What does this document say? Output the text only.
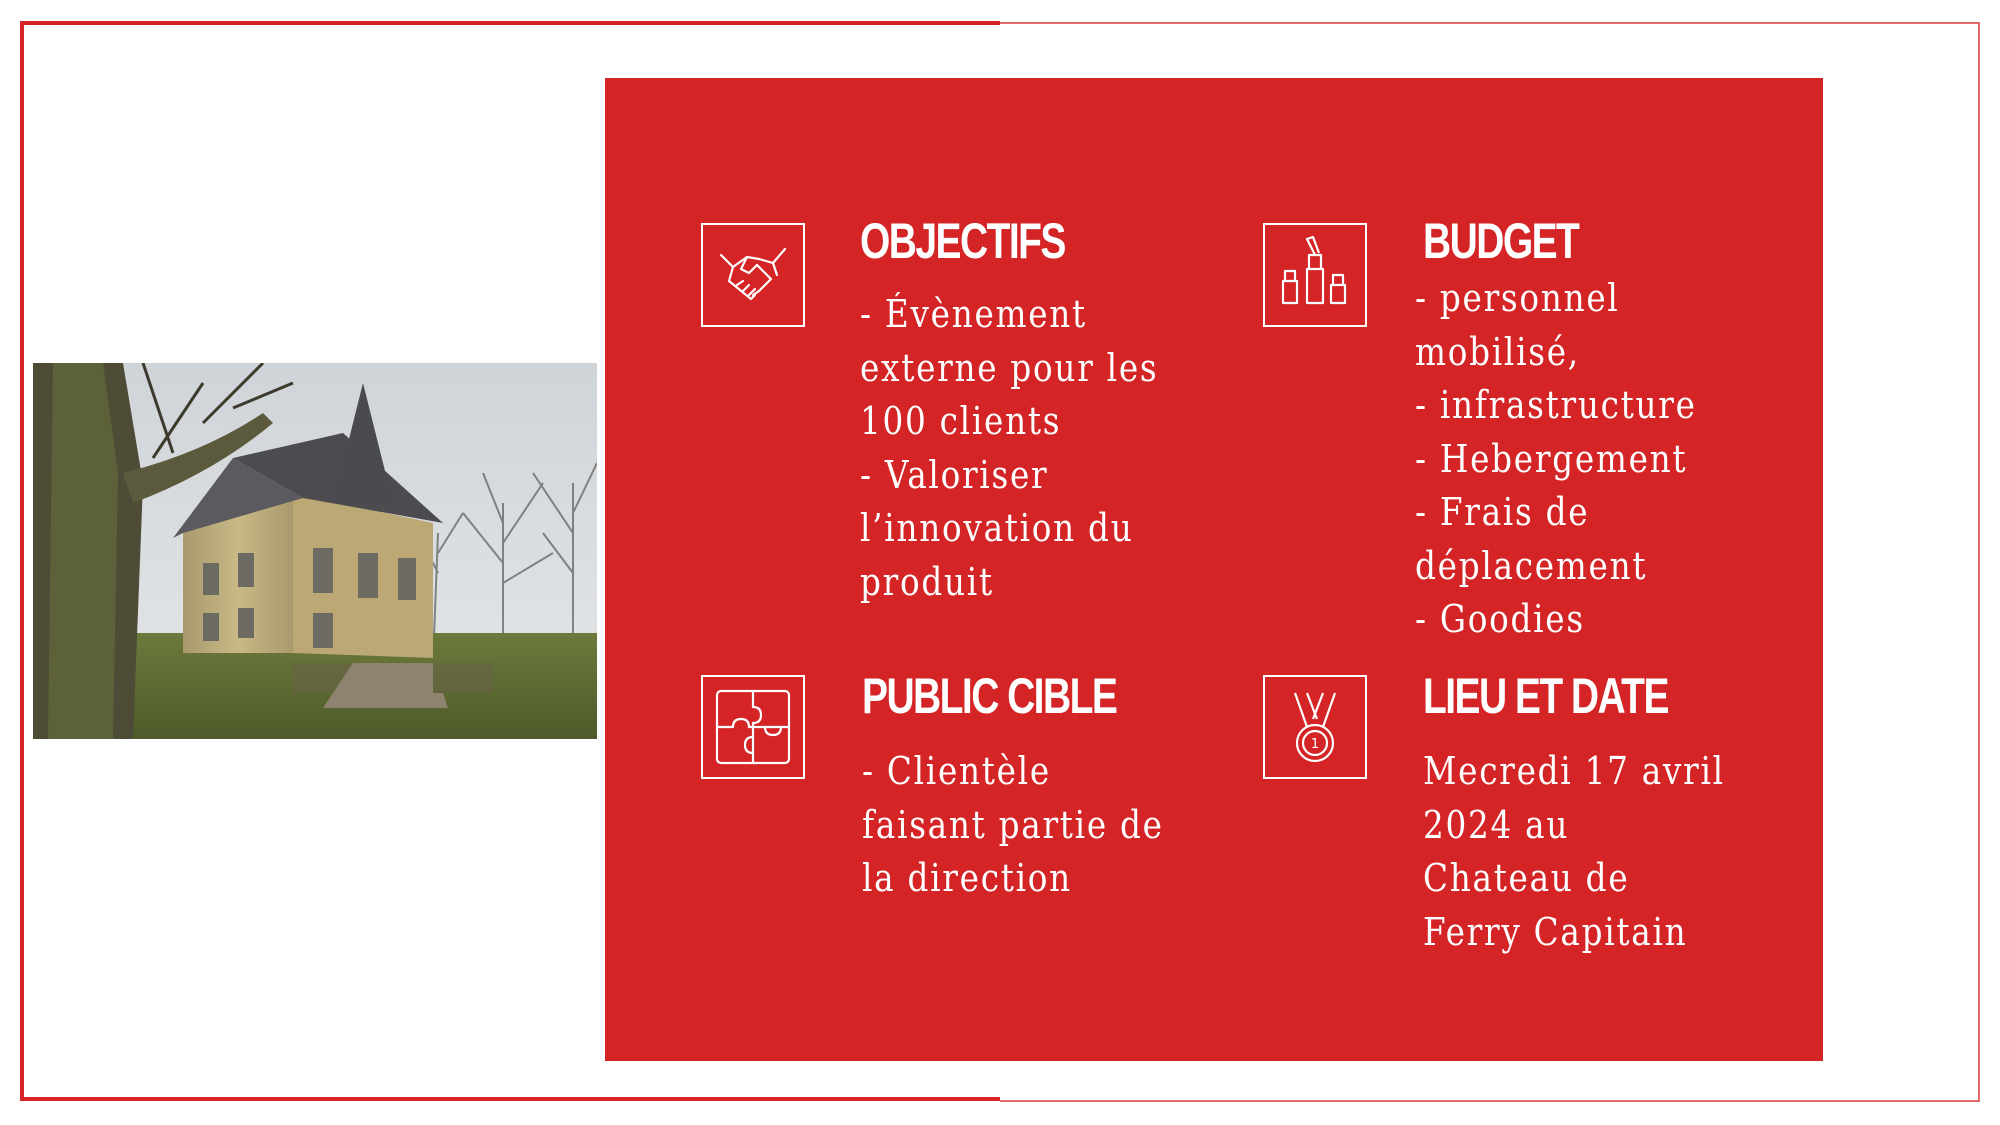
OBJECTIFS
- Évènement
externe pour les
100 clients
- Valoriser
l’innovation du
produit
BUDGET
- personnel
mobilisé,
- infrastructure
- Hebergement
- Frais de
déplacement
- Goodies
PUBLIC CIBLE
- Clientèle
faisant partie de
la direction
1
LIEU ET DATE
Mecredi 17 avril
2024 au
Chateau de
Ferry Capitain
